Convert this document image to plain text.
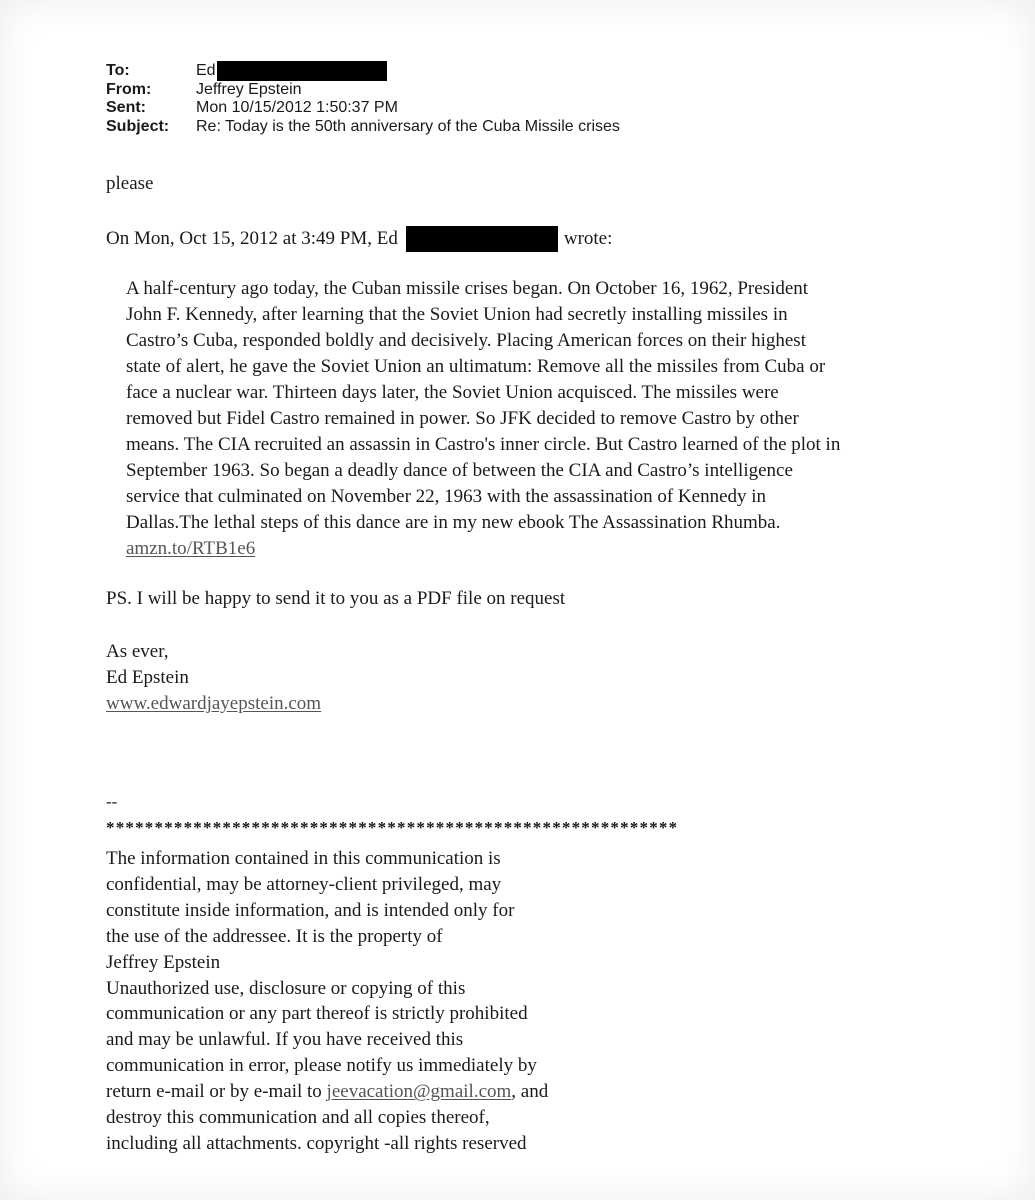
To:	Ed
From:	Jeffrey Epstein
Sent:	Mon 10/15/2012 1:50:37 PM
Subject:	Re: Today is the 50th anniversary of the Cuba Missile crises
please
On Mon, Oct 15, 2012 at 3:49 PM, Ed	wrote:
A half-century ago today, the Cuban missile crises began. On October 16, 1962, President
John F. Kennedy, after learning that the Soviet Union had secretly installing missiles in
Castro’s Cuba, responded boldly and decisively. Placing American forces on their highest
state of alert, he gave the Soviet Union an ultimatum: Remove all the missiles from Cuba or
face a nuclear war. Thirteen days later, the Soviet Union acquisced. The missiles were
removed but Fidel Castro remained in power. So JFK decided to remove Castro by other
means. The CIA recruited an assassin in Castro's inner circle. But Castro learned of the plot in
September 1963. So began a deadly dance of between the CIA and Castro’s intelligence
service that culminated on November 22, 1963 with the assassination of Kennedy in
Dallas.The lethal steps of this dance are in my new ebook The Assassination Rhumba.
amzn.to/RTB1e6
PS. I will be happy to send it to you as a PDF file on request
As ever,
Ed Epstein
www.edwardjayepstein.com
--
***********************************************************
The information contained in this communication is
confidential, may be attorney-client privileged, may
constitute inside information, and is intended only for
the use of the addressee. It is the property of
Jeffrey Epstein
Unauthorized use, disclosure or copying of this
communication or any part thereof is strictly prohibited
and may be unlawful. If you have received this
communication in error, please notify us immediately by
return e-mail or by e-mail to jeevacation@gmail.com, and
destroy this communication and all copies thereof,
including all attachments. copyright -all rights reserved
